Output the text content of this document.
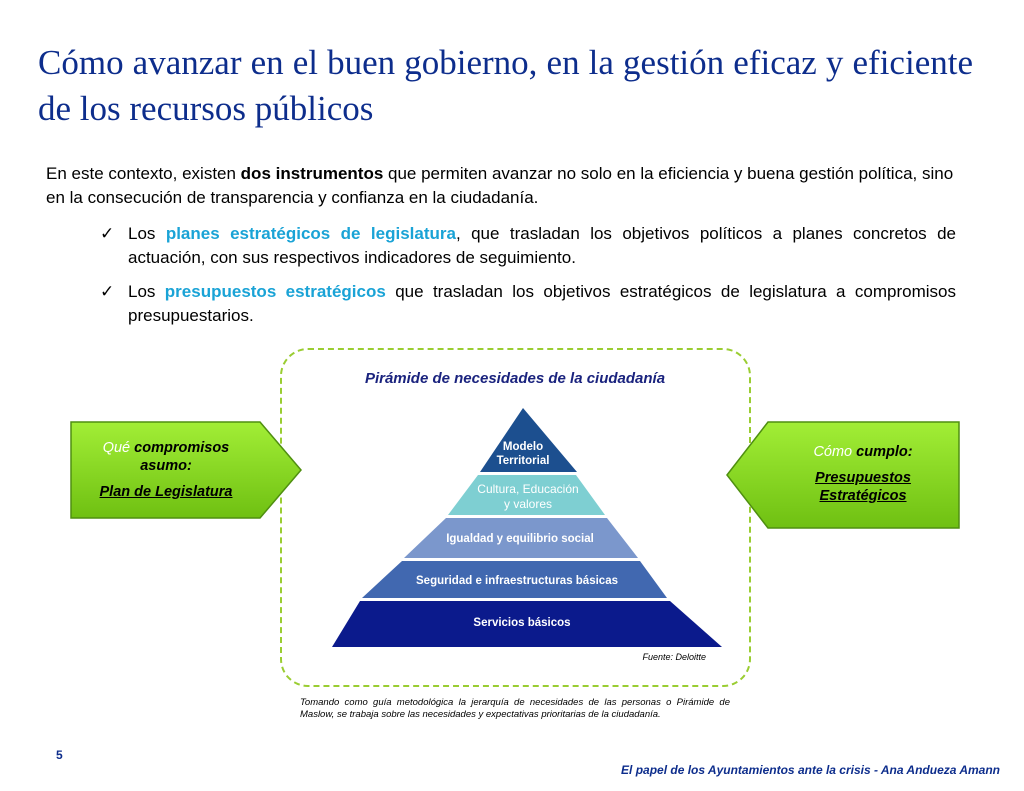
Cómo avanzar en el buen gobierno, en la gestión eficaz y eficiente de los recursos públicos

En este contexto, existen dos instrumentos que permiten avanzar no solo en la eficiencia y buena gestión política, sino en la consecución de transparencia y confianza en la ciudadanía.

✓ Los planes estratégicos de legislatura, que trasladan los objetivos políticos a planes concretos de actuación, con sus respectivos indicadores de seguimiento.
✓ Los presupuestos estratégicos que trasladan los objetivos estratégicos de legislatura a compromisos presupuestarios.
Pirámide de necesidades de la ciudadanía
Modelo
Territorial
Cultura, Educación
y valores
Igualdad y equilibrio social
Seguridad e infraestructuras básicas
Servicios básicos
Fuente: Deloitte
Tomando como guía metodológica la jerarquía de necesidades de las personas o Pirámide de Maslow, se trabaja sobre las necesidades y expectativas prioritarias de la ciudadanía.
Qué compromisos
asumo:
Plan de Legislatura
Cómo cumplo:
Presupuestos
Estratégicos
5
El papel de los Ayuntamientos ante la crisis - Ana Andueza Amann
